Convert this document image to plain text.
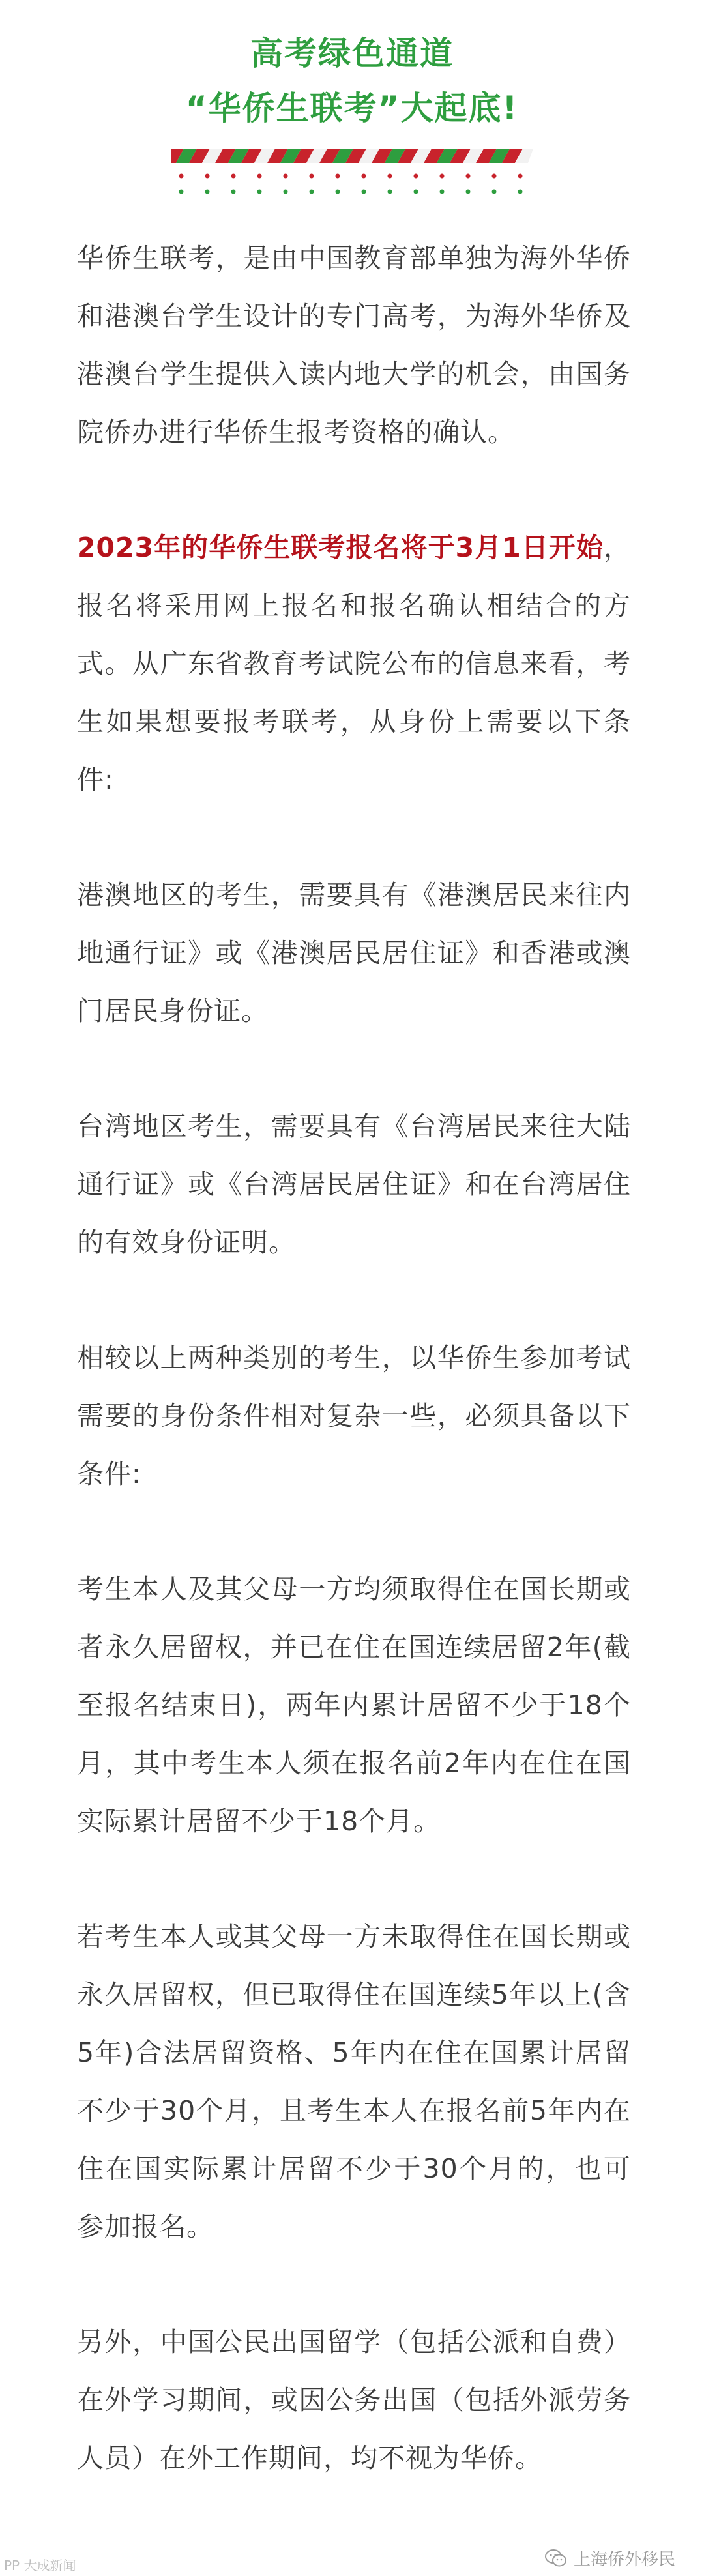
高考绿色通道
“华侨生联考”大起底!

华侨生联考，是由中国教育部单独为海外华侨和港澳台学生设计的专门高考，为海外华侨及港澳台学生提供入读内地大学的机会，由国务院侨办进行华侨生报考资格的确认。

2023年的华侨生联考报名将于3月1日开始，报名将采用网上报名和报名确认相结合的方式。从广东省教育考试院公布的信息来看，考生如果想要报考联考，从身份上需要以下条件:

港澳地区的考生，需要具有《港澳居民来往内地通行证》或《港澳居民居住证》和香港或澳门居民身份证。

台湾地区考生，需要具有《台湾居民来往大陆通行证》或《台湾居民居住证》和在台湾居住的有效身份证明。

相较以上两种类别的考生，以华侨生参加考试需要的身份条件相对复杂一些，必须具备以下条件:

考生本人及其父母一方均须取得住在国长期或者永久居留权，并已在住在国连续居留2年(截至报名结束日)，两年内累计居留不少于18个月，其中考生本人须在报名前2年内在住在国实际累计居留不少于18个月。

若考生本人或其父母一方未取得住在国长期或永久居留权，但已取得住在国连续5年以上(含5年)合法居留资格、5年内在住在国累计居留不少于30个月，且考生本人在报名前5年内在住在国实际累计居留不少于30个月的，也可参加报名。

另外，中国公民出国留学（包括公派和自费）在外学习期间，或因公务出国（包括外派劳务人员）在外工作期间，均不视为华侨。

PP 大成新闻	上海侨外移民
